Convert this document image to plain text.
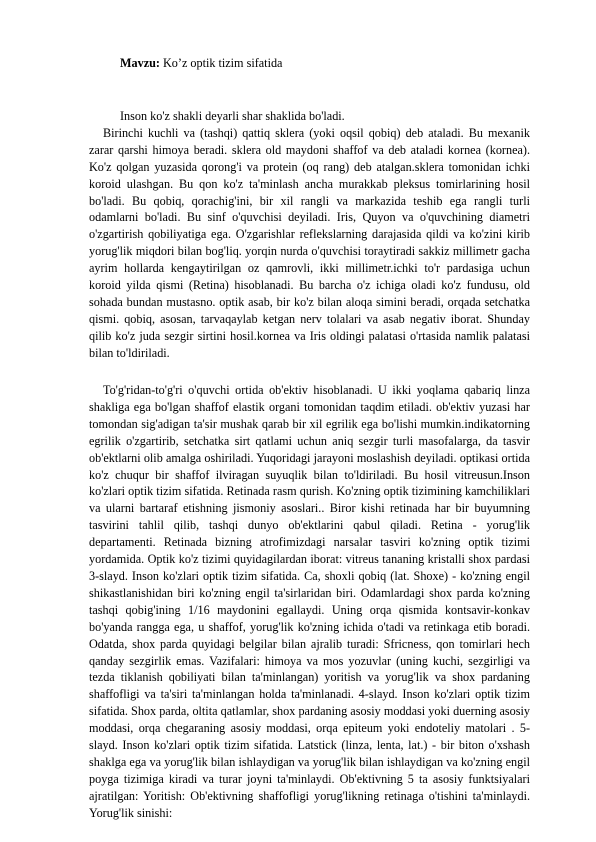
Mavzu: Ko’z optik tizim sifatida

Inson ko'z shakli deyarli shar shaklida bo'ladi.

Birinchi kuchli va (tashqi) qattiq sklera (yoki oqsil qobiq) deb ataladi. Bu mexanik zarar qarshi himoya beradi. sklera old maydoni shaffof va deb ataladi kornea (kornea). Ko'z qolgan yuzasida qorong'i va protein (oq rang) deb atalgan.sklera tomonidan ichki koroid ulashgan. Bu qon ko'z ta'minlash ancha murakkab pleksus tomirlarining hosil bo'ladi. Bu qobiq, qorachig'ini, bir xil rangli va markazida teshib ega rangli turli odamlarni bo'ladi. Bu sinf o'quvchisi deyiladi. Iris, Quyon va o'quvchining diametri o'zgartirish qobiliyatiga ega. O'zgarishlar reflekslarning darajasida qildi va ko'zini kirib yorug'lik miqdori bilan bog'liq. yorqin nurda o'quvchisi toraytiradi sakkiz millimetr gacha ayrim hollarda kengaytirilgan oz qamrovli, ikki millimetr.ichki to'r pardasiga uchun koroid yilda qismi (Retina) hisoblanadi. Bu barcha o'z ichiga oladi ko'z fundusu, old sohada bundan mustasno. optik asab, bir ko'z bilan aloqa simini beradi, orqada setchatka qismi. qobiq, asosan, tarvaqaylab ketgan nerv tolalari va asab negativ iborat. Shunday qilib ko'z juda sezgir sirtini hosil.kornea va Iris oldingi palatasi o'rtasida namlik palatasi bilan to'ldiriladi.

To'g'ridan-to'g'ri o'quvchi ortida ob'ektiv hisoblanadi. U ikki yoqlama qabariq linza shakliga ega bo'lgan shaffof elastik organi tomonidan taqdim etiladi. ob'ektiv yuzasi har tomondan sig'adigan ta'sir mushak qarab bir xil egrilik ega bo'lishi mumkin.indikatorning egrilik o'zgartirib, setchatka sirt qatlami uchun aniq sezgir turli masofalarga, da tasvir ob'ektlarni olib amalga oshiriladi. Yuqoridagi jarayoni moslashish deyiladi. optikasi ortida ko'z chuqur bir shaffof ilviragan suyuqlik bilan to'ldiriladi. Bu hosil vitreusun.Inson ko'zlari optik tizim sifatida. Retinada rasm qurish. Ko'zning optik tizimining kamchiliklari va ularni bartaraf etishning jismoniy asoslari.. Biror kishi retinada har bir buyumning tasvirini tahlil qilib, tashqi dunyo ob'ektlarini qabul qiladi. Retina - yorug'lik departamenti. Retinada bizning atrofimizdagi narsalar tasviri ko'zning optik tizimi yordamida. Optik ko'z tizimi quyidagilardan iborat: vitreus tananing kristalli shox pardasi 3-slayd. Inson ko'zlari optik tizim sifatida. Ca, shoxli qobiq (lat. Shoxe) - ko'zning engil shikastlanishidan biri ko'zning engil ta'sirlaridan biri. Odamlardagi shox parda ko'zning tashqi qobig'ining 1/16 maydonini egallaydi. Uning orqa qismida kontsavir-konkav bo'yanda rangga ega, u shaffof, yorug'lik ko'zning ichida o'tadi va retinkaga etib boradi. Odatda, shox parda quyidagi belgilar bilan ajralib turadi: Sfricness, qon tomirlari hech qanday sezgirlik emas. Vazifalari: himoya va mos yozuvlar (uning kuchi, sezgirligi va tezda tiklanish qobiliyati bilan ta'minlangan) yoritish va yorug'lik va shox pardaning shaffofligi va ta'siri ta'minlangan holda ta'minlanadi. 4-slayd. Inson ko'zlari optik tizim sifatida. Shox parda, oltita qatlamlar, shox pardaning asosiy moddasi yoki duerning asosiy moddasi, orqa chegaraning asosiy moddasi, orqa epiteum yoki endoteliy matolari . 5-slayd. Inson ko'zlari optik tizim sifatida. Latstick (linza, lenta, lat.) - bir biton o'xshash shaklga ega va yorug'lik bilan ishlaydigan va yorug'lik bilan ishlaydigan va ko'zning engil poyga tizimiga kiradi va turar joyni ta'minlaydi. Ob'ektivning 5 ta asosiy funktsiyalari ajratilgan: Yoritish: Ob'ektivning shaffofligi yorug'likning retinaga o'tishini ta'minlaydi. Yorug'lik sinishi:
